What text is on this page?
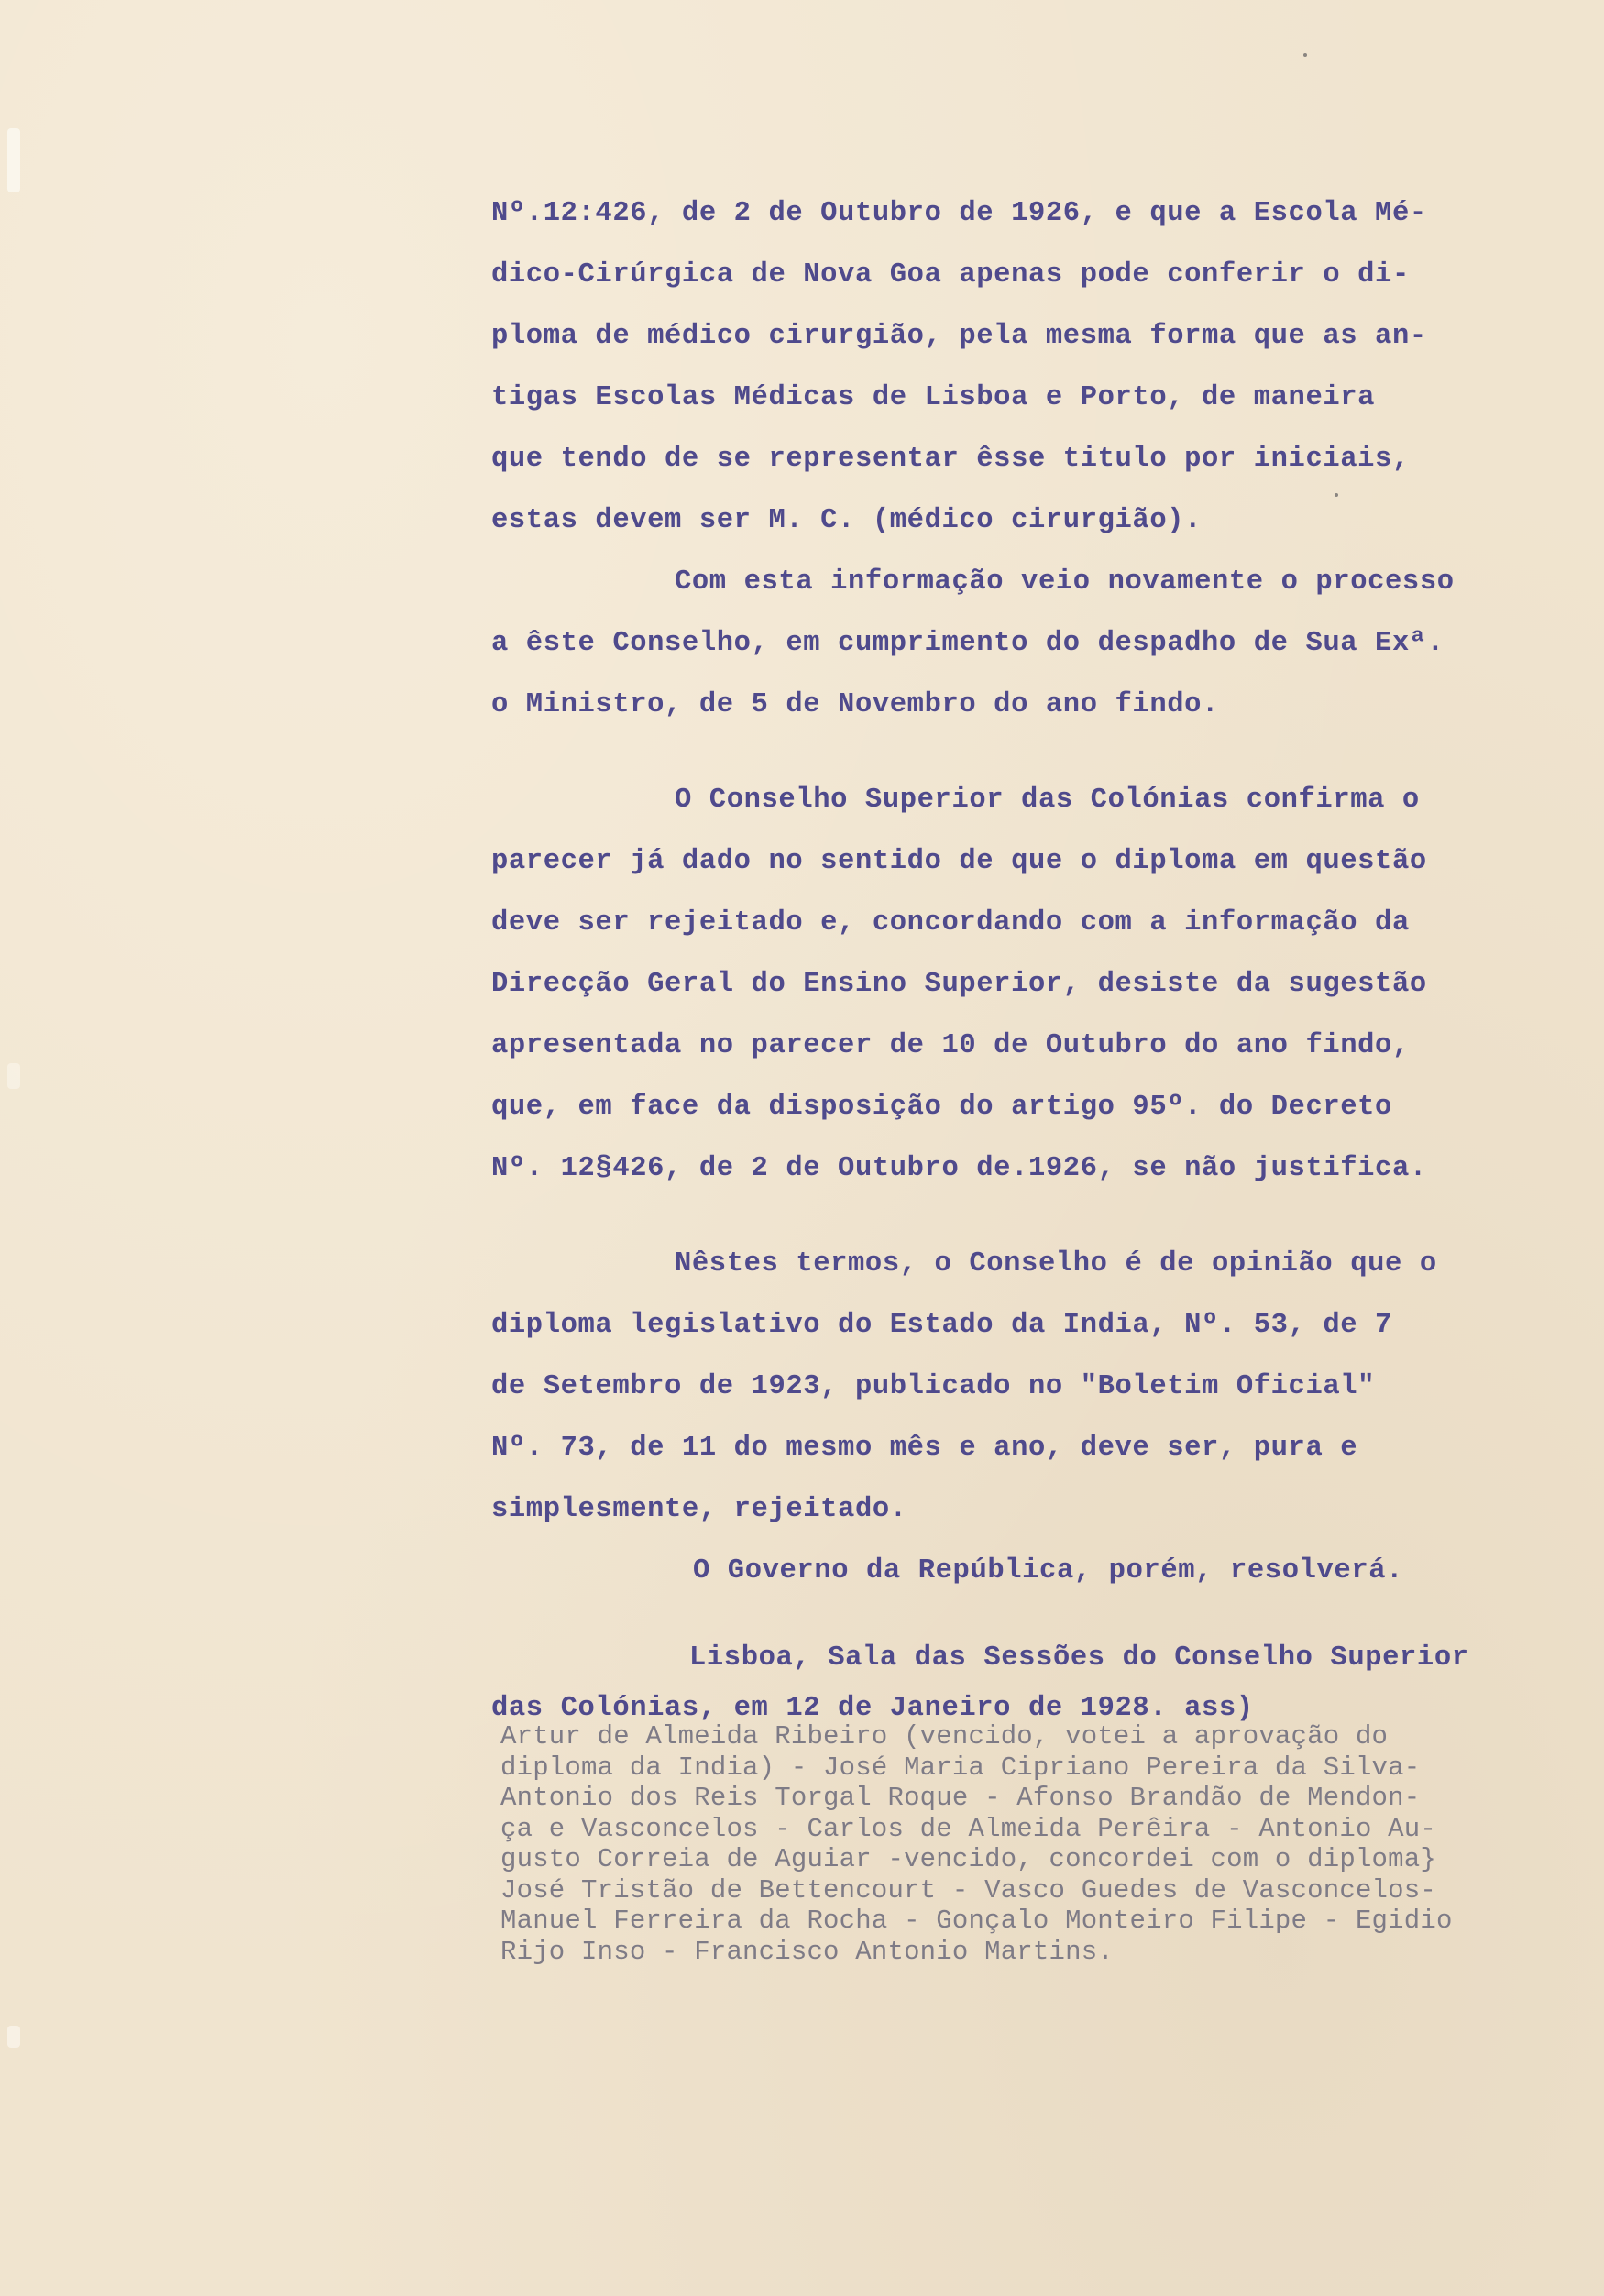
Nº.12:426, de 2 de Outubro de 1926, e que a Escola Mé-
dico-Cirúrgica de Nova Goa apenas pode conferir o di-
ploma de médico cirurgião, pela mesma forma que as an-
tigas Escolas Médicas de Lisboa e Porto, de maneira
que tendo de se representar êsse titulo por iniciais,
estas devem ser M. C. (médico cirurgião).
Com esta informação veio novamente o processo
a êste Conselho, em cumprimento do despadho de Sua Exª.
o Ministro, de 5 de Novembro do ano findo.
O Conselho Superior das Colónias confirma o
parecer já dado no sentido de que o diploma em questão
deve ser rejeitado e, concordando com a informação da
Direcção Geral do Ensino Superior, desiste da sugestão
apresentada no parecer de 10 de Outubro do ano findo,
que, em face da disposição do artigo 95º. do Decreto
Nº. 12§426, de 2 de Outubro de.1926, se não justifica.
Nêstes termos, o Conselho é de opinião que o
diploma legislativo do Estado da India, Nº. 53, de 7
de Setembro de 1923, publicado no "Boletim Oficial"
Nº. 73, de 11 do mesmo mês e ano, deve ser, pura e
simplesmente, rejeitado.
O Governo da República, porém, resolverá.
Lisboa, Sala das Sessões do Conselho Superior
das Colónias, em 12 de Janeiro de 1928. ass)
Artur de Almeida Ribeiro (vencido, votei a aprovação do
diploma da India) - José Maria Cipriano Pereira da Silva-
Antonio dos Reis Torgal Roque - Afonso Brandão de Mendon-
ça e Vasconcelos - Carlos de Almeida Perêira - Antonio Au-
gusto Correia de Aguiar -vencido, concordei com o diploma}
José Tristão de Bettencourt - Vasco Guedes de Vasconcelos-
Manuel Ferreira da Rocha - Gonçalo Monteiro Filipe - Egidio
Rijo Inso - Francisco Antonio Martins.
